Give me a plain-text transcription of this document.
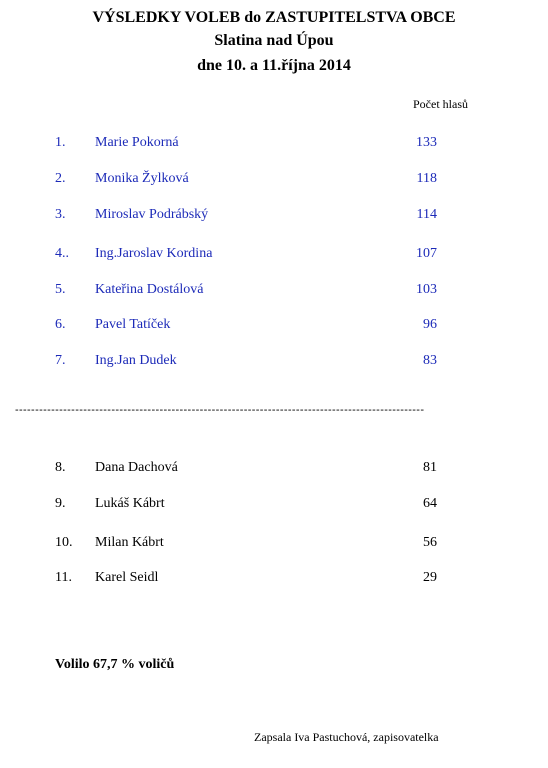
VÝSLEDKY VOLEB do ZASTUPITELSTVA OBCE
Slatina nad Úpou
dne 10. a 11.října 2014
Počet hlasů
1. Marie Pokorná	133
2. Monika Žylková	118
3. Miroslav Podrábský	114
4.. Ing.Jaroslav Kordina	107
5. Kateřina Dostálová	103
6. Pavel Tatíček	96
7. Ing.Jan Dudek	83
------------------------------------------------------------------------------------------------------
8. Dana Dachová	81
9. Lukáš Kábrt	64
10. Milan Kábrt	56
11. Karel Seidl	29
Volilo 67,7 % voličů
Zapsala Iva Pastuchová, zapisovatelka
